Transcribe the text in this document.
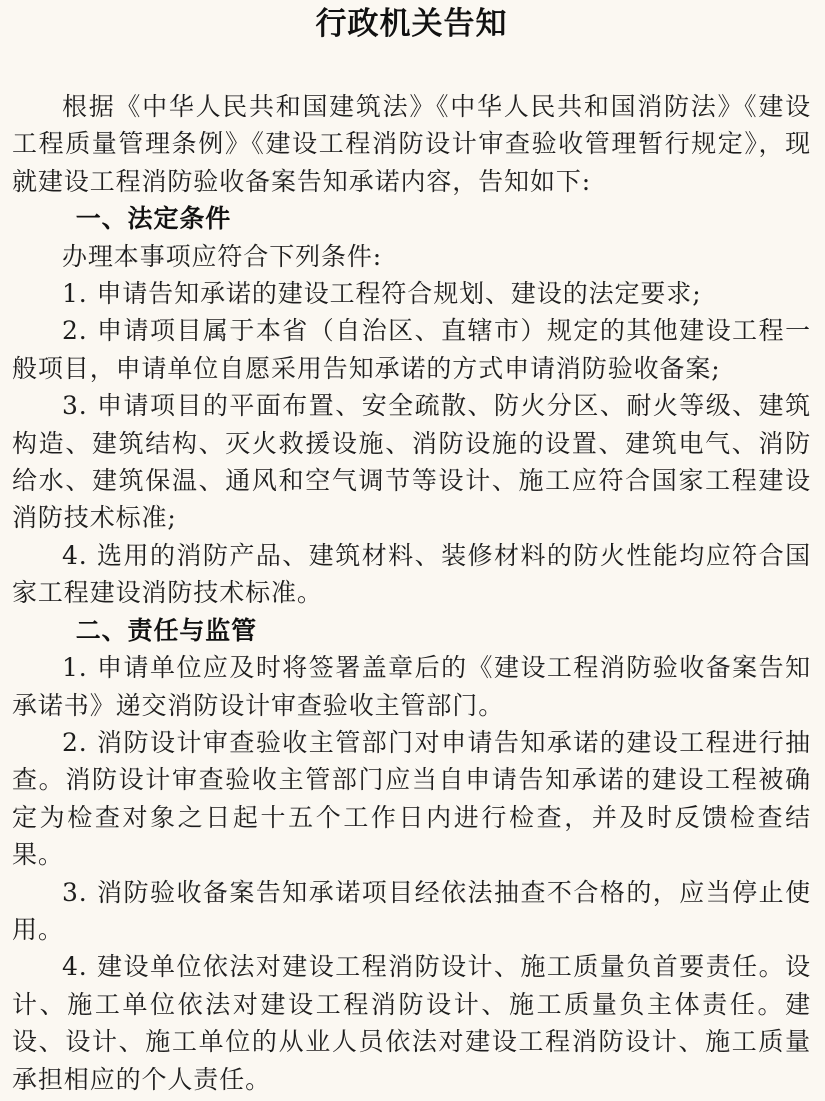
行政机关告知

根据《中华人民共和国建筑法》《中华人民共和国消防法》《建设工程质量管理条例》《建设工程消防设计审查验收管理暂行规定》，现就建设工程消防验收备案告知承诺内容，告知如下:

一、法定条件

办理本事项应符合下列条件:

1. 申请告知承诺的建设工程符合规划、建设的法定要求;

2. 申请项目属于本省（自治区、直辖市）规定的其他建设工程一般项目，申请单位自愿采用告知承诺的方式申请消防验收备案;

3. 申请项目的平面布置、安全疏散、防火分区、耐火等级、建筑构造、建筑结构、灭火救援设施、消防设施的设置、建筑电气、消防给水、建筑保温、通风和空气调节等设计、施工应符合国家工程建设消防技术标准;

4. 选用的消防产品、建筑材料、装修材料的防火性能均应符合国家工程建设消防技术标准。

二、责任与监管

1. 申请单位应及时将签署盖章后的《建设工程消防验收备案告知承诺书》递交消防设计审查验收主管部门。

2. 消防设计审查验收主管部门对申请告知承诺的建设工程进行抽查。消防设计审查验收主管部门应当自申请告知承诺的建设工程被确定为检查对象之日起十五个工作日内进行检查，并及时反馈检查结果。

3. 消防验收备案告知承诺项目经依法抽查不合格的，应当停止使用。

4. 建设单位依法对建设工程消防设计、施工质量负首要责任。设计、施工单位依法对建设工程消防设计、施工质量负主体责任。建设、设计、施工单位的从业人员依法对建设工程消防设计、施工质量承担相应的个人责任。
